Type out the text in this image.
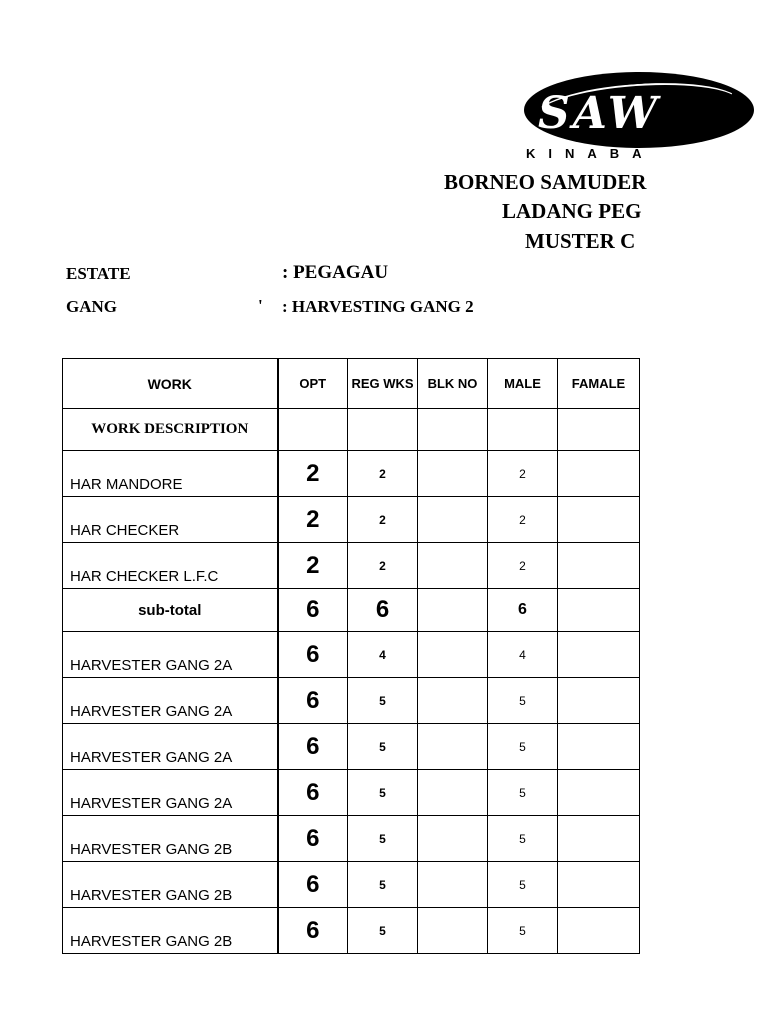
SAW
KINABA
BORNEO SAMUDER
LADANG PEG
MUSTER C
ESTATE	: PEGAGAU
GANG	' : HARVESTING GANG 2
WORK	OPT	REG WKS	BLK NO	MALE	FAMALE
WORK DESCRIPTION					
HAR MANDORE	2	2		2	
HAR CHECKER	2	2		2	
HAR CHECKER L.F.C	2	2		2	
sub-total	6	6		6	
HARVESTER GANG 2A	6	4		4	
HARVESTER GANG 2A	6	5		5	
HARVESTER GANG 2A	6	5		5	
HARVESTER GANG 2A	6	5		5	
HARVESTER GANG 2B	6	5		5	
HARVESTER GANG 2B	6	5		5	
HARVESTER GANG 2B	6	5		5	
